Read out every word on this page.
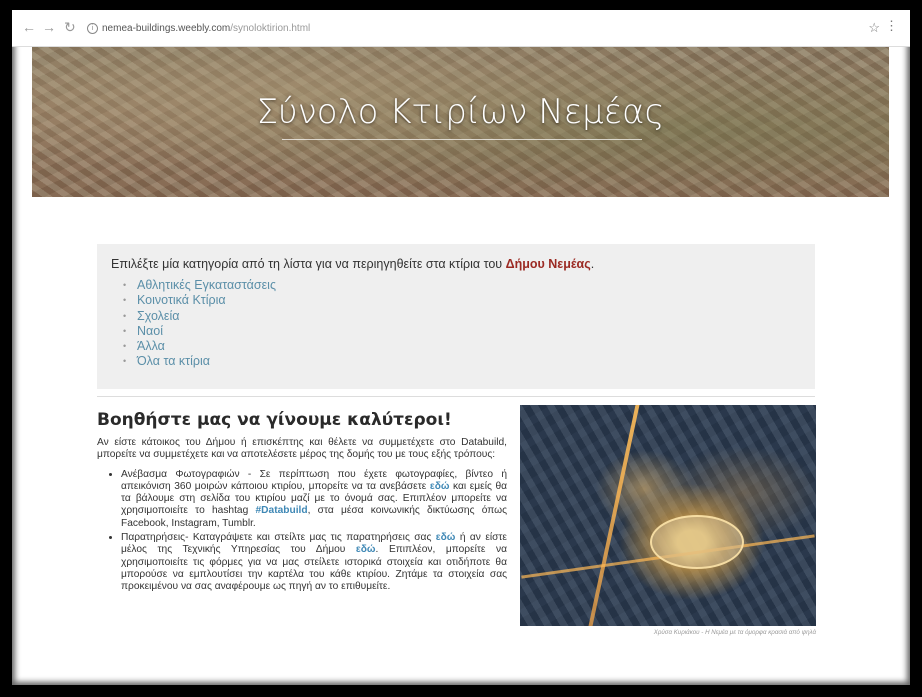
← → ↻	i nemea-buildings.weebly.com/synoloktirion.html	☆ ⋮
Σύνολο Κτιρίων Νεμέας
Επιλέξτε μία κατηγορία από τη λίστα για να περιηγηθείτε στα κτίρια του Δήμου Νεμέας.
• Αθλητικές Εγκαταστάσεις
• Κοινοτικά Κτίρια
• Σχολεία
• Ναοί
• Άλλα
• Όλα τα κτίρια
Βοηθήστε μας να γίνουμε καλύτεροι!

Αν είστε κάτοικος του Δήμου ή επισκέπτης και θέλετε να συμμετέχετε στο Databuild, μπορείτε να συμμετέχετε και να αποτελέσετε μέρος της δομής του με τους εξής τρόπους:

• Ανέβασμα Φωτογραφιών - Σε περίπτωση που έχετε φωτογραφίες, βίντεο ή απεικόνιση 360 μοιρών κάποιου κτιρίου, μπορείτε να τα ανεβάσετε εδώ και εμείς θα τα βάλουμε στη σελίδα του κτιρίου μαζί με το όνομά σας. Επιπλέον μπορείτε να χρησιμοποιείτε το hashtag #Databuild, στα μέσα κοινωνικής δικτύωσης όπως Facebook, Instagram, Tumblr.
• Παρατηρήσεις- Καταγράψετε και στείλτε μας τις παρατηρήσεις σας εδώ ή αν είστε μέλος της Τεχνικής Υπηρεσίας του Δήμου εδώ. Επιπλέον, μπορείτε να χρησιμοποιείτε τις φόρμες για να μας στείλετε ιστορικά στοιχεία και οτιδήποτε θα μπορούσε να εμπλουτίσει την καρτέλα του κάθε κτιρίου. Ζητάμε τα στοιχεία σας προκειμένου να σας αναφέρουμε ως πηγή αν το επιθυμείτε.
Χρύσα Κυριάκου - Η Νεμέα με τα όμορφα κρασιά από ψηλά
